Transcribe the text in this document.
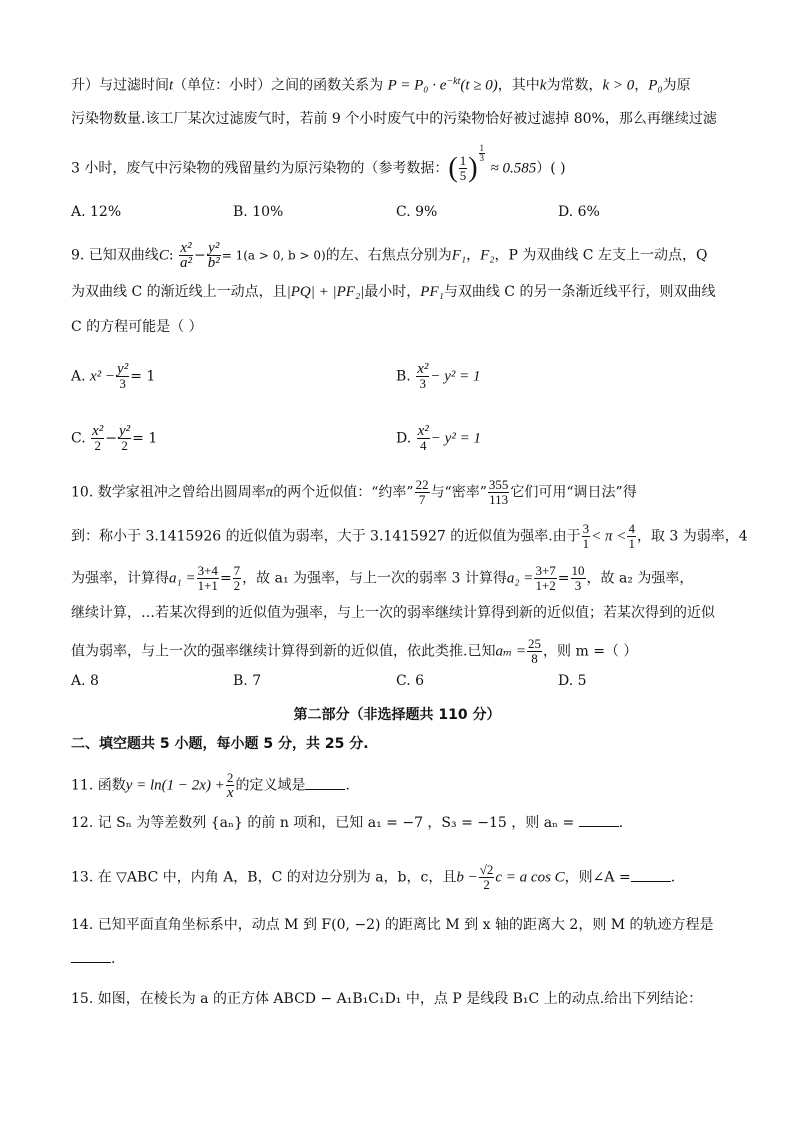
升）与过滤时间t（单位：小时）之间的函数关系为 $P = P_0 \cdot e^{-kt}(t \ge 0)$，其中k为常数，k > 0，P₀为原
污染物数量.该工厂某次过滤废气时，若前 9 个小时废气中的污染物恰好被过滤掉 80%，那么再继续过滤
3 小时，废气中污染物的残留量约为原污染物的（参考数据：( $\frac{1}{5}$ ) $\frac{1}{3}$
≈ 0.585）( )
A. 12%	B. 10%	C. 9%	D. 6%
9. 已知双曲线C: $\frac{\text{x²}}{\text{a²}} - \frac{\text{y²}}{\text{b²}} = 1(a > 0$, b > 0)的左、右焦点分别为F₁，F₂，P 为双曲线 C 左支上一动点，Q
为双曲线 C 的渐近线上一动点，且|PQ| + |PF₂|最小时，PF₁与双曲线 C 的另一条渐近线平行，则双曲线
C 的方程可能是（ ）
A. $x^2 - \frac{\text{y²}}{3} = 1$	B. $\frac{\text{x²}}{3} - y^2 = 1$
C. $\frac{\text{x²}}{2} - \frac{\text{y²}}{2} = 1$	D. $\frac{\text{x²}}{4} - y^2 = 1$
10. 数学家祖冲之曾给出圆周率π的两个近似值：“约率” $\frac{22}{7}$ 与“密率” $\frac{355}{113}$ 它们可用“调日法”得
到：称小于 3.1415926 的近似值为弱率，大于 3.1415927 的近似值为强率.由于 $\frac{3}{1} < \pi < \frac{4}{1}$ ，取 3 为弱率，4
为强率，计算得$a_1 = \frac{3+4}{1+1} = \frac{7}{2}$ ，故 a₁ 为强率，与上一次的弱率 3 计算得$a_2 = \frac{3+7}{1+2} = \frac{10}{3}$ ，故 a₂ 为强率，
继续计算，…若某次得到的近似值为强率，与上一次的弱率继续计算得到新的近似值；若某次得到的近似
值为弱率，与上一次的强率继续计算得到新的近似值，依此类推.已知$a_m = \frac{25}{8}$ ，则 m =（ ）
A. 8	B. 7	C. 6	D. 5
第二部分（非选择题共 110 分）
二、填空题共 5 小题，每小题 5 分，共 25 分.
11. 函数$y = \ln(1 - 2x) + \frac{2}{x}$ 的定义域是	.
12. 记 Sₙ 为等差数列 {aₙ} 的前 n 项和，已知 a₁ = −7 ，S₃ = −15 ，则 aₙ =	.
13. 在 ▽ABC 中，内角 A，B，C 的对边分别为 a，b，c，且$b - \frac{√2}{2}$ c = a cos C，则∠A =	.
14. 已知平面直角坐标系中，动点 M 到 F(0, −2) 的距离比 M 到 x 轴的距离大 2，则 M 的轨迹方程是
.
15. 如图，在棱长为 a 的正方体 ABCD − A₁B₁C₁D₁ 中，点 P 是线段 B₁C 上的动点.给出下列结论：
